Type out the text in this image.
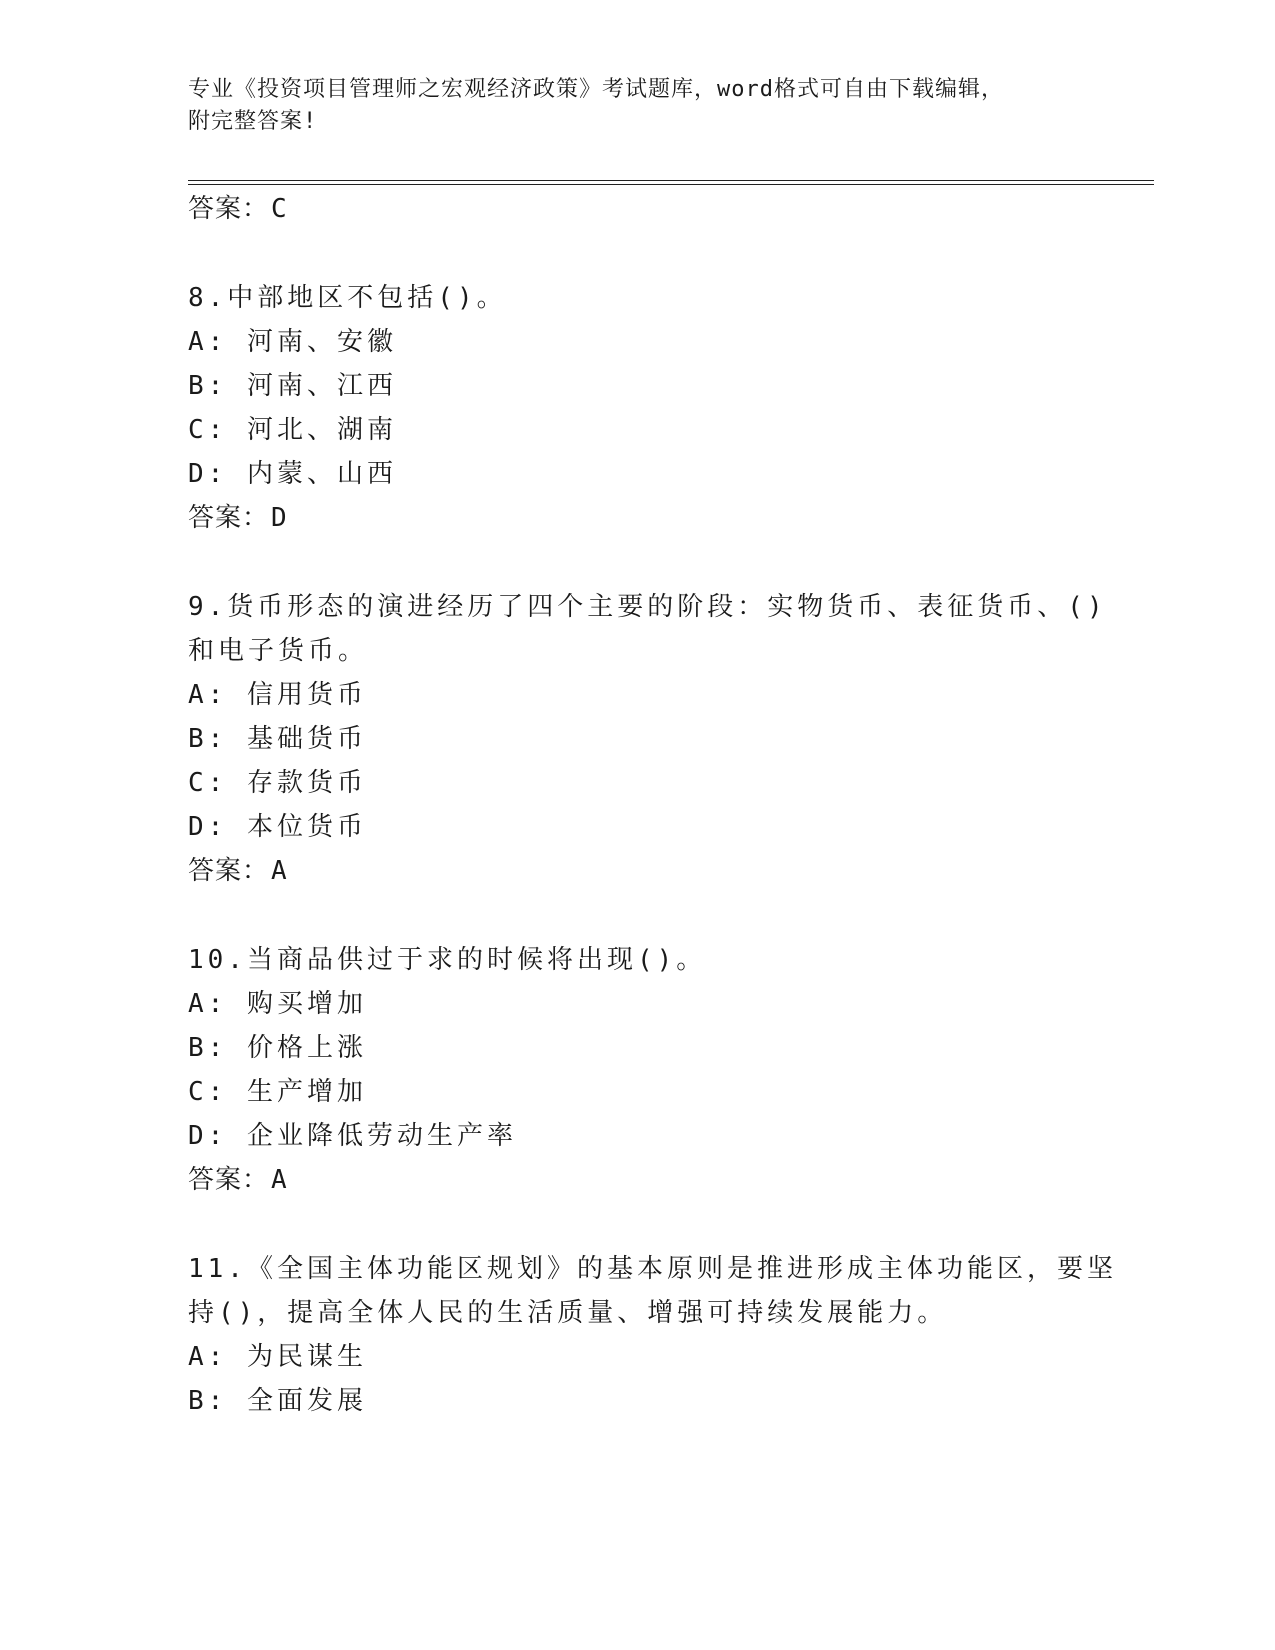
专业《投资项目管理师之宏观经济政策》考试题库，word格式可自由下载编辑，
附完整答案!
答案：C
8.中部地区不包括()。
A: 河南、安徽
B: 河南、江西
C: 河北、湖南
D: 内蒙、山西
答案：D
9.货币形态的演进经历了四个主要的阶段：实物货币、表征货币、()
和电子货币。
A: 信用货币
B: 基础货币
C: 存款货币
D: 本位货币
答案：A
10.当商品供过于求的时候将出现()。
A: 购买增加
B: 价格上涨
C: 生产增加
D: 企业降低劳动生产率
答案：A
11.《全国主体功能区规划》的基本原则是推进形成主体功能区，要坚
持()，提高全体人民的生活质量、增强可持续发展能力。
A: 为民谋生
B: 全面发展
